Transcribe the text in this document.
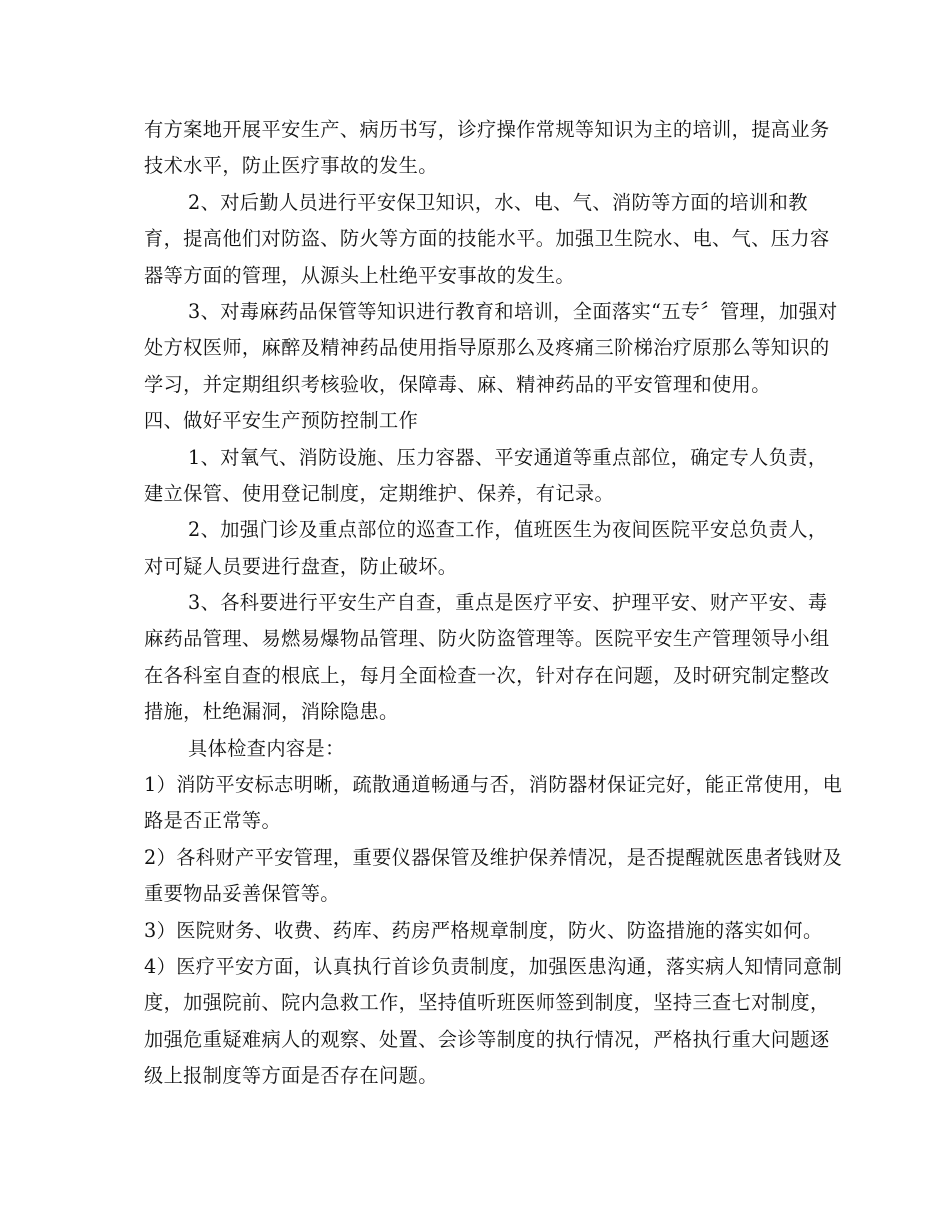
有方案地开展平安生产、病历书写，诊疗操作常规等知识为主的培训，提高业务
技术水平，防止医疗事故的发生。
2、对后勤人员进行平安保卫知识，水、电、气、消防等方面的培训和教
育，提高他们对防盗、防火等方面的技能水平。加强卫生院水、电、气、压力容
器等方面的管理，从源头上杜绝平安事故的发生。
3、对毒麻药品保管等知识进行教育和培训，全面落实“五专〞管理，加强对
处方权医师，麻醉及精神药品使用指导原那么及疼痛三阶梯治疗原那么等知识的
学习，并定期组织考核验收，保障毒、麻、精神药品的平安管理和使用。
四、做好平安生产预防控制工作
1、对氧气、消防设施、压力容器、平安通道等重点部位，确定专人负责，
建立保管、使用登记制度，定期维护、保养，有记录。
2、加强门诊及重点部位的巡查工作，值班医生为夜间医院平安总负责人，
对可疑人员要进行盘查，防止破坏。
3、各科要进行平安生产自查，重点是医疗平安、护理平安、财产平安、毒
麻药品管理、易燃易爆物品管理、防火防盗管理等。医院平安生产管理领导小组
在各科室自查的根底上，每月全面检查一次，针对存在问题，及时研究制定整改
措施，杜绝漏洞，消除隐患。
具体检查内容是：
1）消防平安标志明晰，疏散通道畅通与否，消防器材保证完好，能正常使用，电
路是否正常等。
2）各科财产平安管理，重要仪器保管及维护保养情况，是否提醒就医患者钱财及
重要物品妥善保管等。
3）医院财务、收费、药库、药房严格规章制度，防火、防盗措施的落实如何。
4）医疗平安方面，认真执行首诊负责制度，加强医患沟通，落实病人知情同意制
度，加强院前、院内急救工作，坚持值听班医师签到制度，坚持三查七对制度，
加强危重疑难病人的观察、处置、会诊等制度的执行情况，严格执行重大问题逐
级上报制度等方面是否存在问题。
